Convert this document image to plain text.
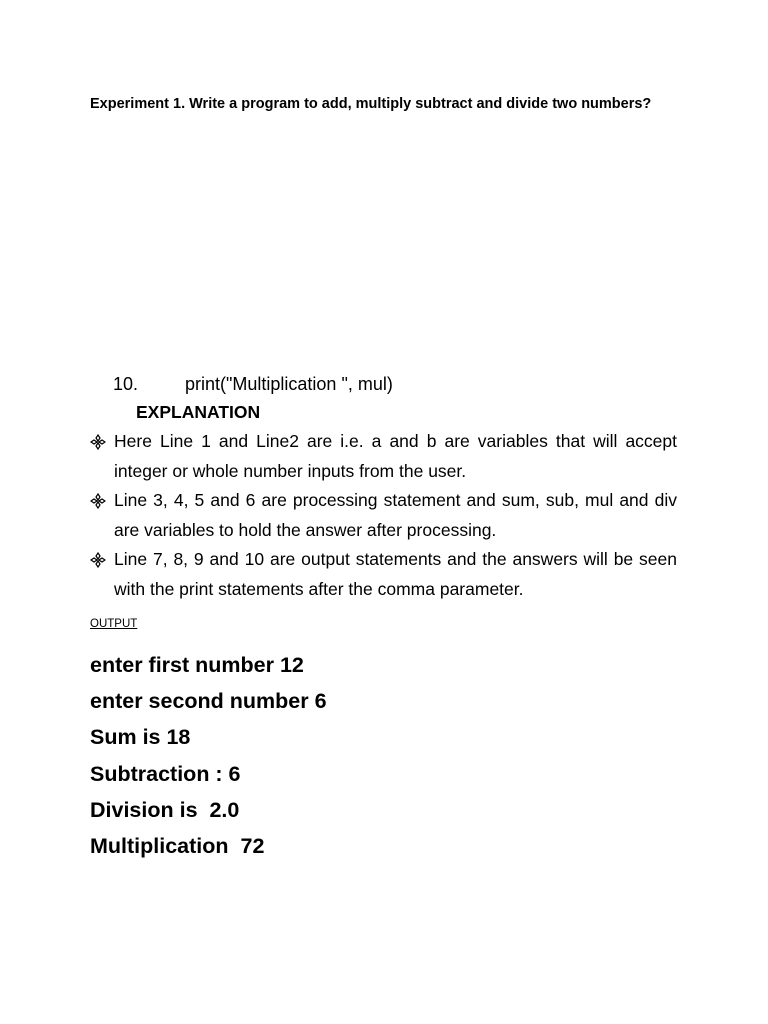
Experiment 1. Write a program to add, multiply subtract and divide two numbers?
10.	print("Multiplication ", mul)
EXPLANATION
Here Line 1 and Line2 are i.e. a and b are variables that will accept integer or whole number inputs from the user.
Line 3, 4, 5 and 6 are processing statement and sum, sub, mul and div are variables to hold the answer after processing.
Line 7, 8, 9 and 10 are output statements and the answers will be seen with the print statements after the comma parameter.
OUTPUT
enter first number 12
enter second number 6
Sum is 18
Subtraction : 6
Division is  2.0
Multiplication  72
